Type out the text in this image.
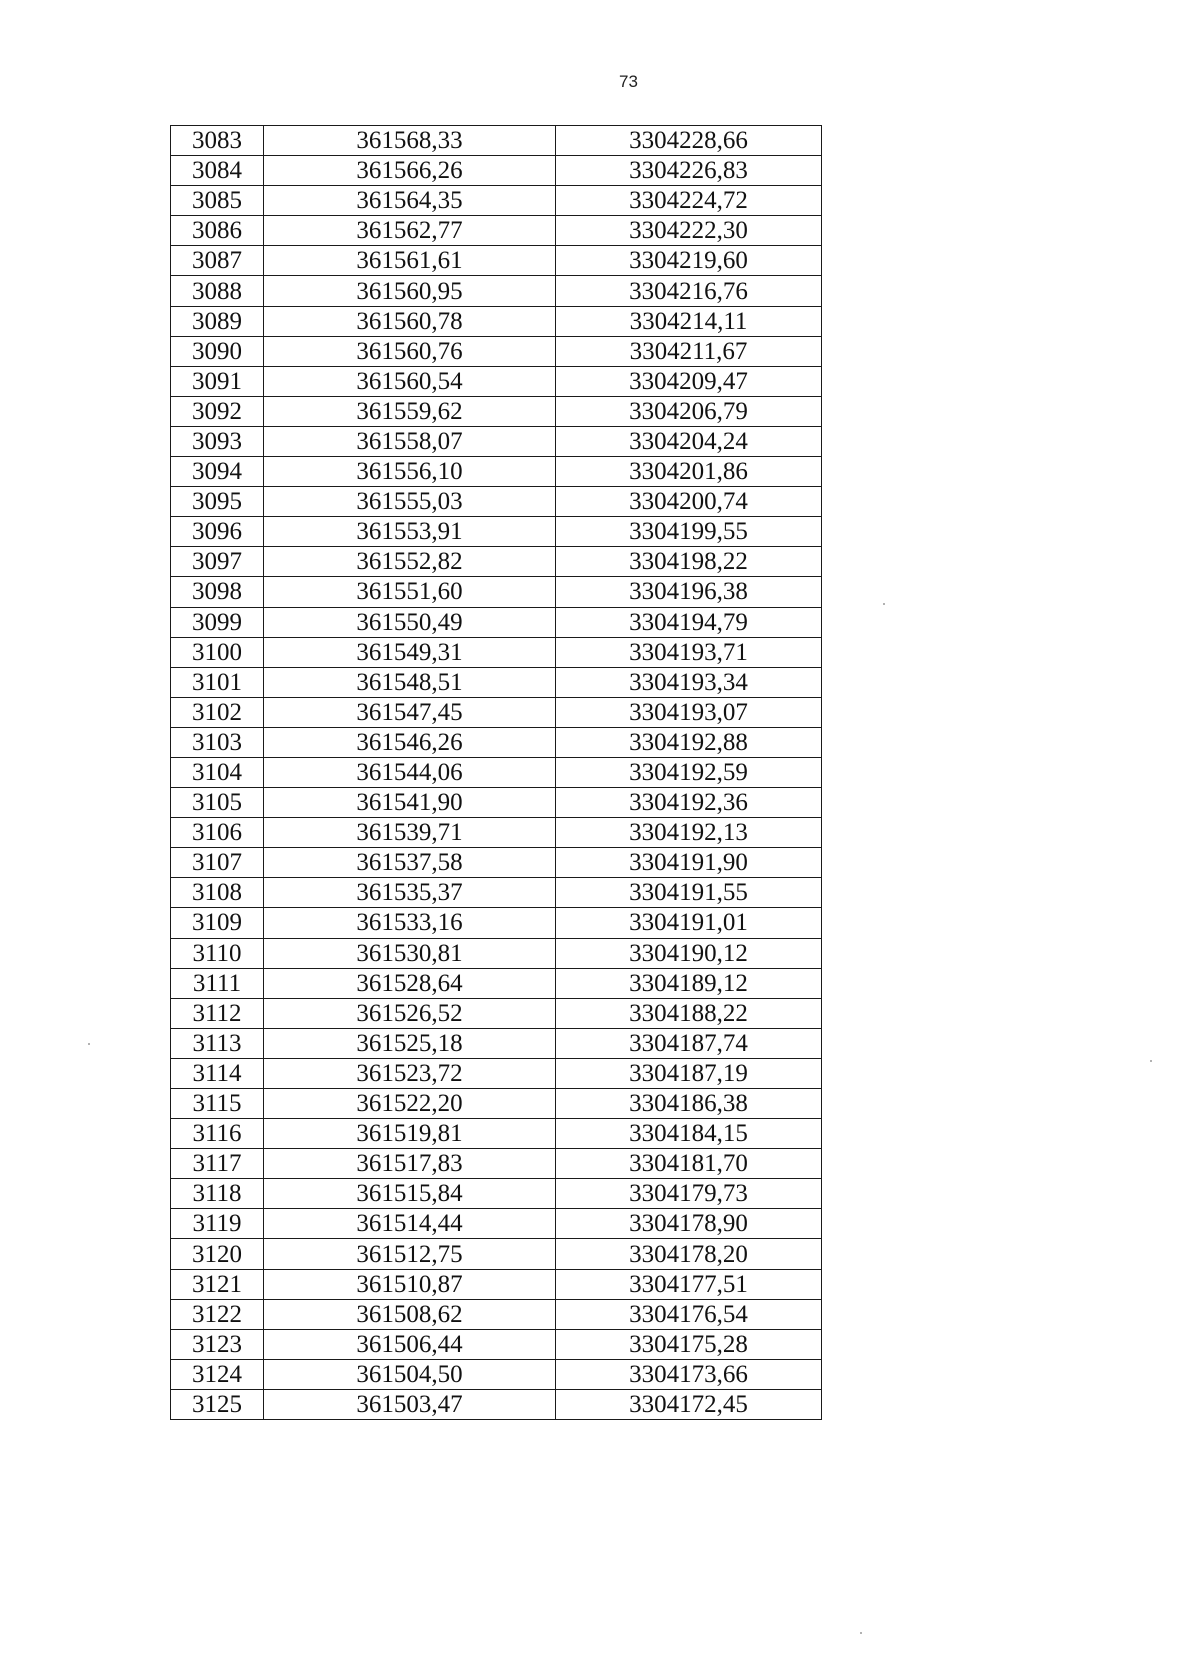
73
3083	361568,33	3304228,66
3084	361566,26	3304226,83
3085	361564,35	3304224,72
3086	361562,77	3304222,30
3087	361561,61	3304219,60
3088	361560,95	3304216,76
3089	361560,78	3304214,11
3090	361560,76	3304211,67
3091	361560,54	3304209,47
3092	361559,62	3304206,79
3093	361558,07	3304204,24
3094	361556,10	3304201,86
3095	361555,03	3304200,74
3096	361553,91	3304199,55
3097	361552,82	3304198,22
3098	361551,60	3304196,38
3099	361550,49	3304194,79
3100	361549,31	3304193,71
3101	361548,51	3304193,34
3102	361547,45	3304193,07
3103	361546,26	3304192,88
3104	361544,06	3304192,59
3105	361541,90	3304192,36
3106	361539,71	3304192,13
3107	361537,58	3304191,90
3108	361535,37	3304191,55
3109	361533,16	3304191,01
3110	361530,81	3304190,12
3111	361528,64	3304189,12
3112	361526,52	3304188,22
3113	361525,18	3304187,74
3114	361523,72	3304187,19
3115	361522,20	3304186,38
3116	361519,81	3304184,15
3117	361517,83	3304181,70
3118	361515,84	3304179,73
3119	361514,44	3304178,90
3120	361512,75	3304178,20
3121	361510,87	3304177,51
3122	361508,62	3304176,54
3123	361506,44	3304175,28
3124	361504,50	3304173,66
3125	361503,47	3304172,45
